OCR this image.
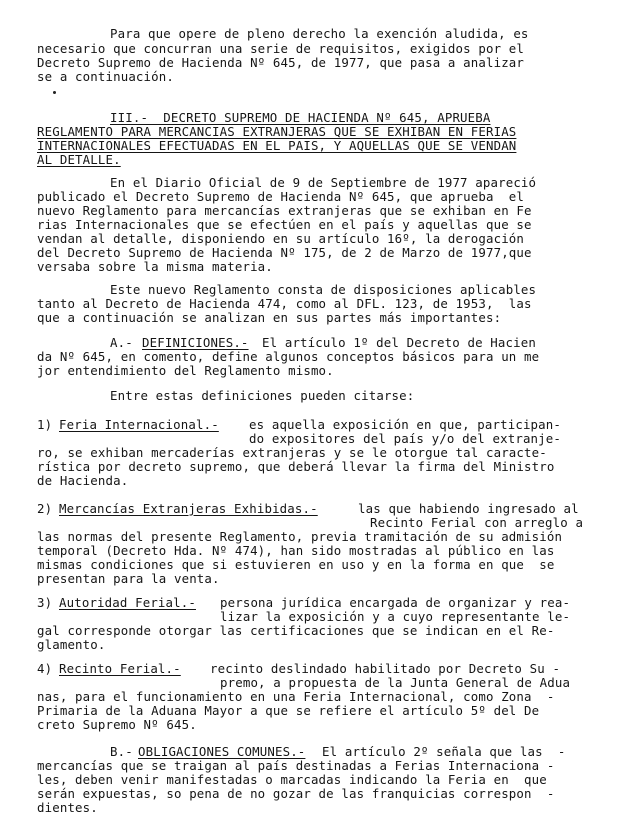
Para que opere de pleno derecho la exención aludida, es
necesario que concurran una serie de requisitos, exigidos por el
Decreto Supremo de Hacienda Nº 645, de 1977, que pasa a analizar
se a continuación.
III.-  DECRETO SUPREMO DE HACIENDA Nº 645, APRUEBA
REGLAMENTO PARA MERCANCIAS EXTRANJERAS QUE SE EXHIBAN EN FERIAS
INTERNACIONALES EFECTUADAS EN EL PAIS, Y AQUELLAS QUE SE VENDAN
AL DETALLE.
En el Diario Oficial de 9 de Septiembre de 1977 apareció
publicado el Decreto Supremo de Hacienda Nº 645, que aprueba  el
nuevo Reglamento para mercancías extranjeras que se exhiban en Fe
rias Internacionales que se efectúen en el país y aquellas que se
vendan al detalle, disponiendo en su artículo 16º, la derogación
del Decreto Supremo de Hacienda Nº 175, de 2 de Marzo de 1977,que
versaba sobre la misma materia.
Este nuevo Reglamento consta de disposiciones aplicables
tanto al Decreto de Hacienda 474, como al DFL. 123, de 1953,  las
que a continuación se analizan en sus partes más importantes:
A.- DEFINICIONES.- El artículo 1º del Decreto de Hacien
da Nº 645, en comento, define algunos conceptos básicos para un me
jor entendimiento del Reglamento mismo.
Entre estas definiciones pueden citarse:
1) Feria Internacional.- es aquella exposición en que, participan-
do expositores del país y/o del extranje-
ro, se exhiban mercaderías extranjeras y se le otorgue tal caracte-
rística por decreto supremo, que deberá llevar la firma del Ministro
de Hacienda.
2) Mercancías Extranjeras Exhibidas.-	las que habiendo ingresado al
Recinto Ferial con arreglo a
las normas del presente Reglamento, previa tramitación de su admisión
temporal (Decreto Hda. Nº 474), han sido mostradas al público en las
mismas condiciones que si estuvieren en uso y en la forma en que  se
presentan para la venta.
3) Autoridad Ferial.- persona jurídica encargada de organizar y rea-
lizar la exposición y a cuyo representante le-
gal corresponde otorgar las certificaciones que se indican en el Re-
glamento.
4) Recinto Ferial.- recinto deslindado habilitado por Decreto Su -
premo, a propuesta de la Junta General de Adua
nas, para el funcionamiento en una Feria Internacional, como Zona  -
Primaria de la Aduana Mayor a que se refiere el artículo 5º del De
creto Supremo Nº 645.
B.- OBLIGACIONES COMUNES.- El artículo 2º señala que las  -
mercancías que se traigan al país destinadas a Ferias Internaciona -
les, deben venir manifestadas o marcadas indicando la Feria en  que
serán expuestas, so pena de no gozar de las franquicias correspon  -
dientes.
